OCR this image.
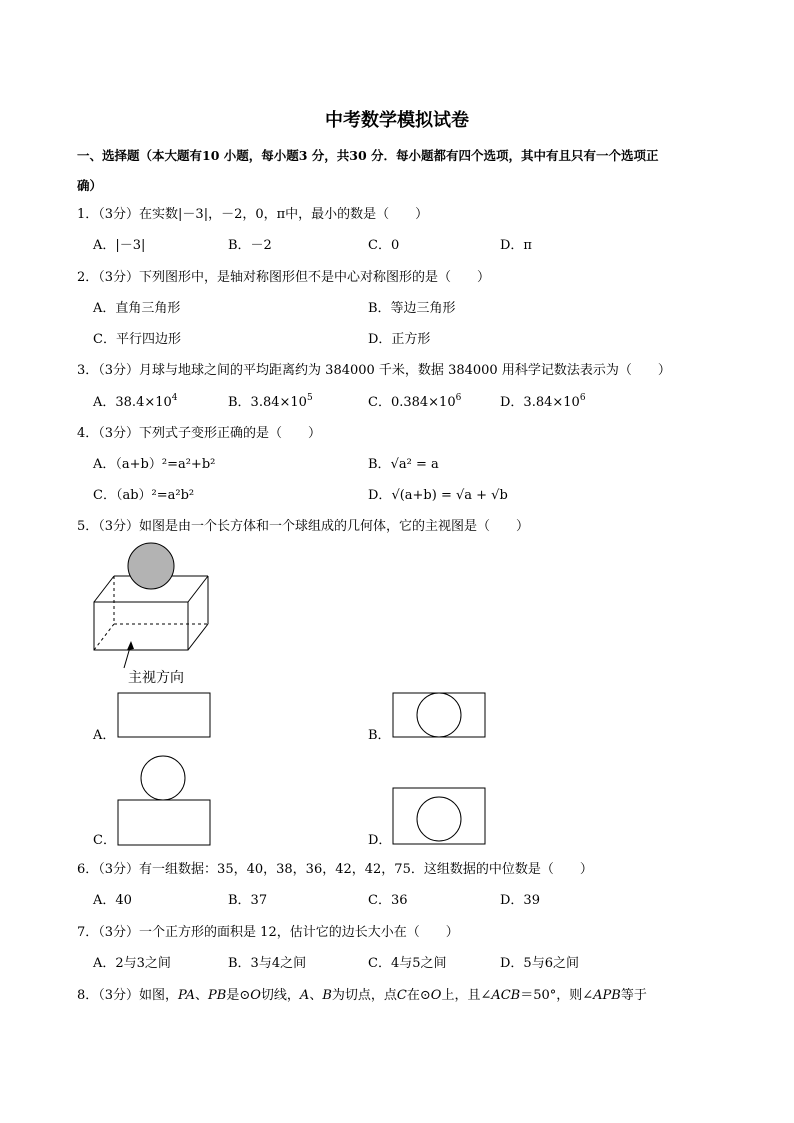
中考数学模拟试卷
一、选择题（本大题有10 小题，每小题3 分，共30 分．每小题都有四个选项，其中有且只有一个选项正
确）
1．（3分）在实数|－3|，－2，0，π中，最小的数是（　　）
A．|－3|	B．－2	C．0	D．π
2．（3分）下列图形中，是轴对称图形但不是中心对称图形的是（　　）
A．直角三角形	B．等边三角形
C．平行四边形	D．正方形
3．（3分）月球与地球之间的平均距离约为 384000 千米，数据 384000 用科学记数法表示为（　　）
A．$38.4\times 10^4$	B．$3.84\times 10^5$	C．$0.384\times 10^6$	D．$3.84\times 10^6$
4．（3分）下列式子变形正确的是（　　）
A．（a+b）²=a²+b²	B．√a² = a
C．（ab）²=a²b²	D．√(a+b) = √a + √b
5．（3分）如图是由一个长方体和一个球组成的几何体，它的主视图是（　　）
主视方向
A．	B．
C．	D．
6．（3分）有一组数据：35，40，38，36，42，42，75．这组数据的中位数是（　　）
A．40	B．37	C．36	D．39
7．（3分）一个正方形的面积是 12，估计它的边长大小在（　　）
A．2与3之间	B．3与4之间	C．4与5之间	D．5与6之间
8．（3分）如图，PA、PB是⊙O切线，A、B为切点，点C在⊙O上，且∠ACB＝50°，则∠APB等于
